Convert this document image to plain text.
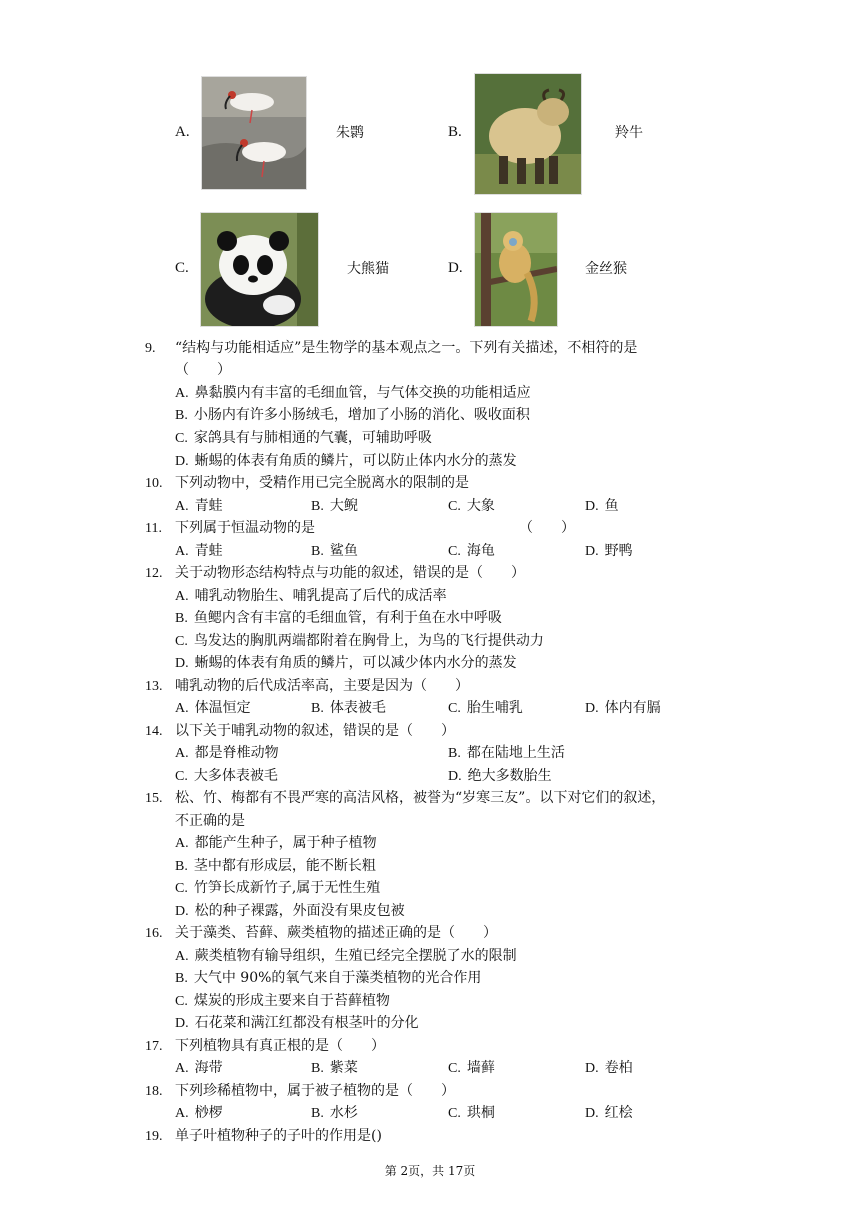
A.	朱鹮	B.	羚牛
C.	大熊猫	D.	金丝猴
9. “结构与功能相适应”是生物学的基本观点之一。下列有关描述，不相符的是
（　　）
A. 鼻黏膜内有丰富的毛细血管，与气体交换的功能相适应
B. 小肠内有许多小肠绒毛，增加了小肠的消化、吸收面积
C. 家鸽具有与肺相通的气囊，可辅助呼吸
D. 蜥蜴的体表有角质的鳞片，可以防止体内水分的蒸发
10. 下列动物中，受精作用已完全脱离水的限制的是
A. 青蛙	B. 大鲵	C. 大象	D. 鱼
11. 下列属于恒温动物的是	（　　）
A. 青蛙	B. 鲨鱼	C. 海龟	D. 野鸭
12. 关于动物形态结构特点与功能的叙述，错误的是（　　）
A. 哺乳动物胎生、哺乳提高了后代的成活率
B. 鱼鳃内含有丰富的毛细血管，有利于鱼在水中呼吸
C. 鸟发达的胸肌两端都附着在胸骨上，为鸟的飞行提供动力
D. 蜥蜴的体表有角质的鳞片，可以减少体内水分的蒸发
13. 哺乳动物的后代成活率高，主要是因为（　　）
A. 体温恒定	B. 体表被毛	C. 胎生哺乳	D. 体内有膈
14. 以下关于哺乳动物的叙述，错误的是（　　）
A. 都是脊椎动物	B. 都在陆地上生活
C. 大多体表被毛	D. 绝大多数胎生
15. 松、竹、梅都有不畏严寒的高洁风格，被誉为“岁寒三友”。以下对它们的叙述，
不正确的是
A. 都能产生种子，属于种子植物
B. 茎中都有形成层，能不断长粗
C. 竹笋长成新竹子,属于无性生殖
D. 松的种子裸露，外面没有果皮包被
16. 关于藻类、苔藓、蕨类植物的描述正确的是（　　）
A. 蕨类植物有输导组织，生殖已经完全摆脱了水的限制
B. 大气中 90%的氧气来自于藻类植物的光合作用
C. 煤炭的形成主要来自于苔藓植物
D. 石花菜和满江红都没有根茎叶的分化
17. 下列植物具有真正根的是（　　）
A. 海带	B. 紫菜	C. 墙藓	D. 卷柏
18. 下列珍稀植物中，属于被子植物的是（　　）
A. 桫椤	B. 水杉	C. 珙桐	D. 红桧
19. 单子叶植物种子的子叶的作用是()
第 2页，共 17页
